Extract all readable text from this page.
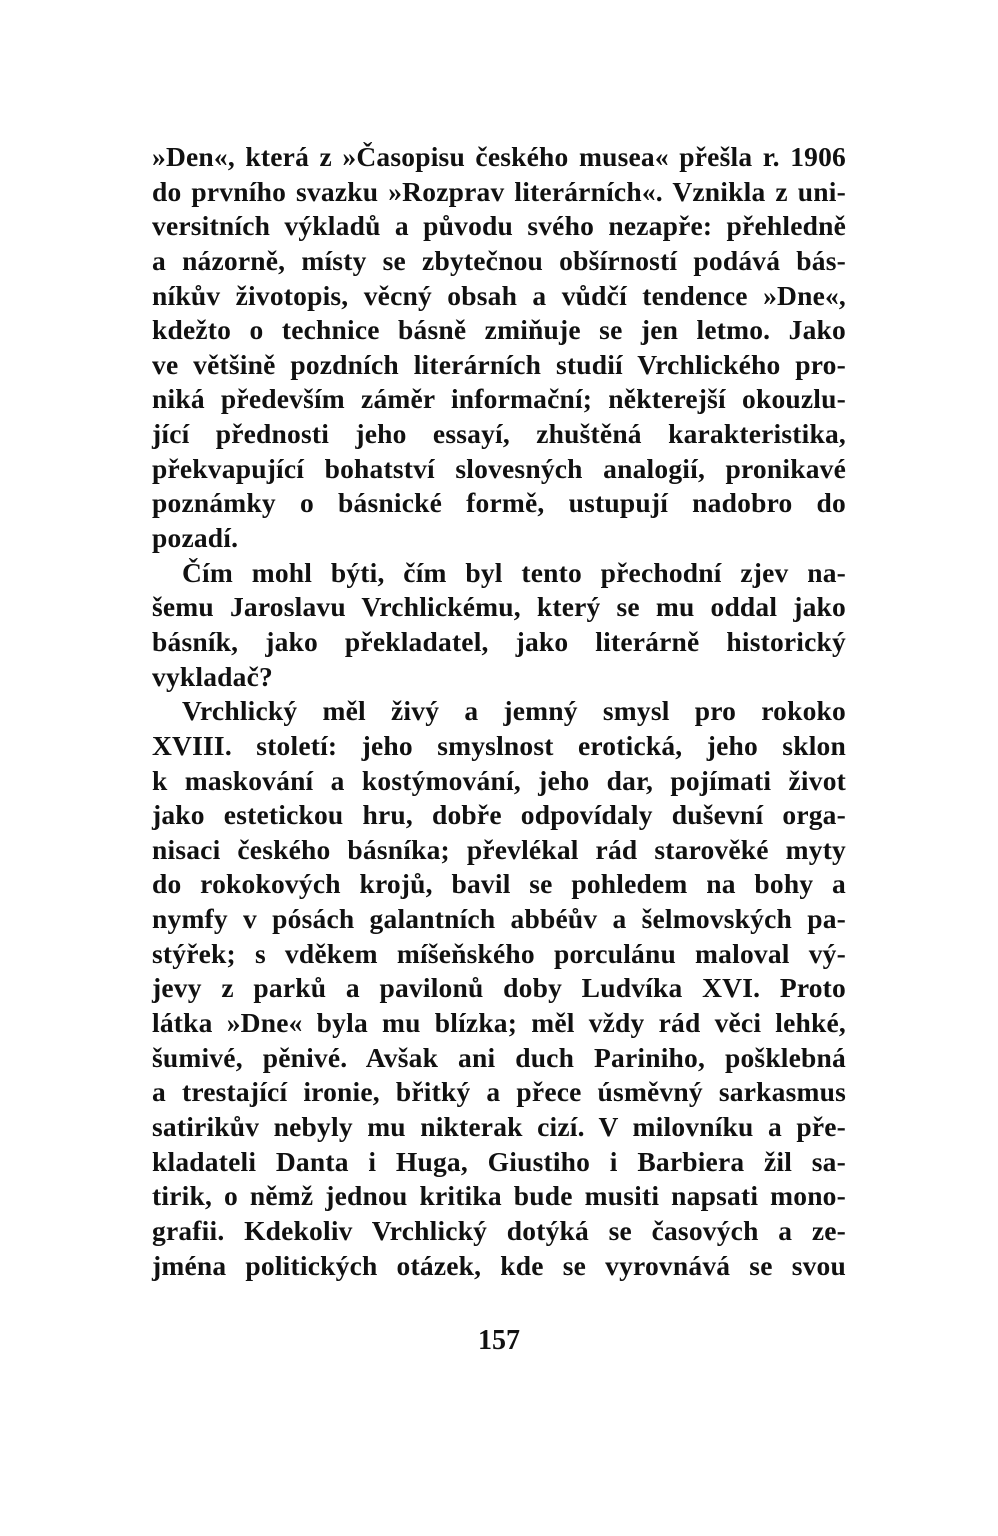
»Den«, která z »Časopisu českého musea« přešla r. 1906
do prvního svazku »Rozprav literárních«. Vznikla z uni-
versitních výkladů a původu svého nezapře: přehledně
a názorně, místy se zbytečnou obšírností podává bás-
níkův životopis, věcný obsah a vůdčí tendence »Dne«,
kdežto o technice básně zmiňuje se jen letmo. Jako
ve většině pozdních literárních studií Vrchlického pro-
niká především záměr informační; některejší okouzlu-
jící přednosti jeho essayí, zhuštěná karakteristika,
překvapující bohatství slovesných analogií, pronikavé
poznámky o básnické formě, ustupují nadobro do
pozadí.
Čím mohl býti, čím byl tento přechodní zjev na-
šemu Jaroslavu Vrchlickému, který se mu oddal jako
básník, jako překladatel, jako literárně historický
vykladač?
Vrchlický měl živý a jemný smysl pro rokoko
XVIII. století: jeho smyslnost erotická, jeho sklon
k maskování a kostýmování, jeho dar, pojímati život
jako estetickou hru, dobře odpovídaly duševní orga-
nisaci českého básníka; převlékal rád starověké myty
do rokokových krojů, bavil se pohledem na bohy a
nymfy v pósách galantních abbéův a šelmovských pa-
stýřek; s vděkem míšeňského porculánu maloval vý-
jevy z parků a pavilonů doby Ludvíka XVI. Proto
látka »Dne« byla mu blízka; měl vždy rád věci lehké,
šumivé, pěnivé. Avšak ani duch Pariniho, pošklebná
a trestající ironie, břitký a přece úsměvný sarkasmus
satirikův nebyly mu nikterak cizí. V milovníku a pře-
kladateli Danta i Huga, Giustiho i Barbiera žil sa-
tirik, o němž jednou kritika bude musiti napsati mono-
grafii. Kdekoliv Vrchlický dotýká se časových a ze-
jména politických otázek, kde se vyrovnává se svou
157
